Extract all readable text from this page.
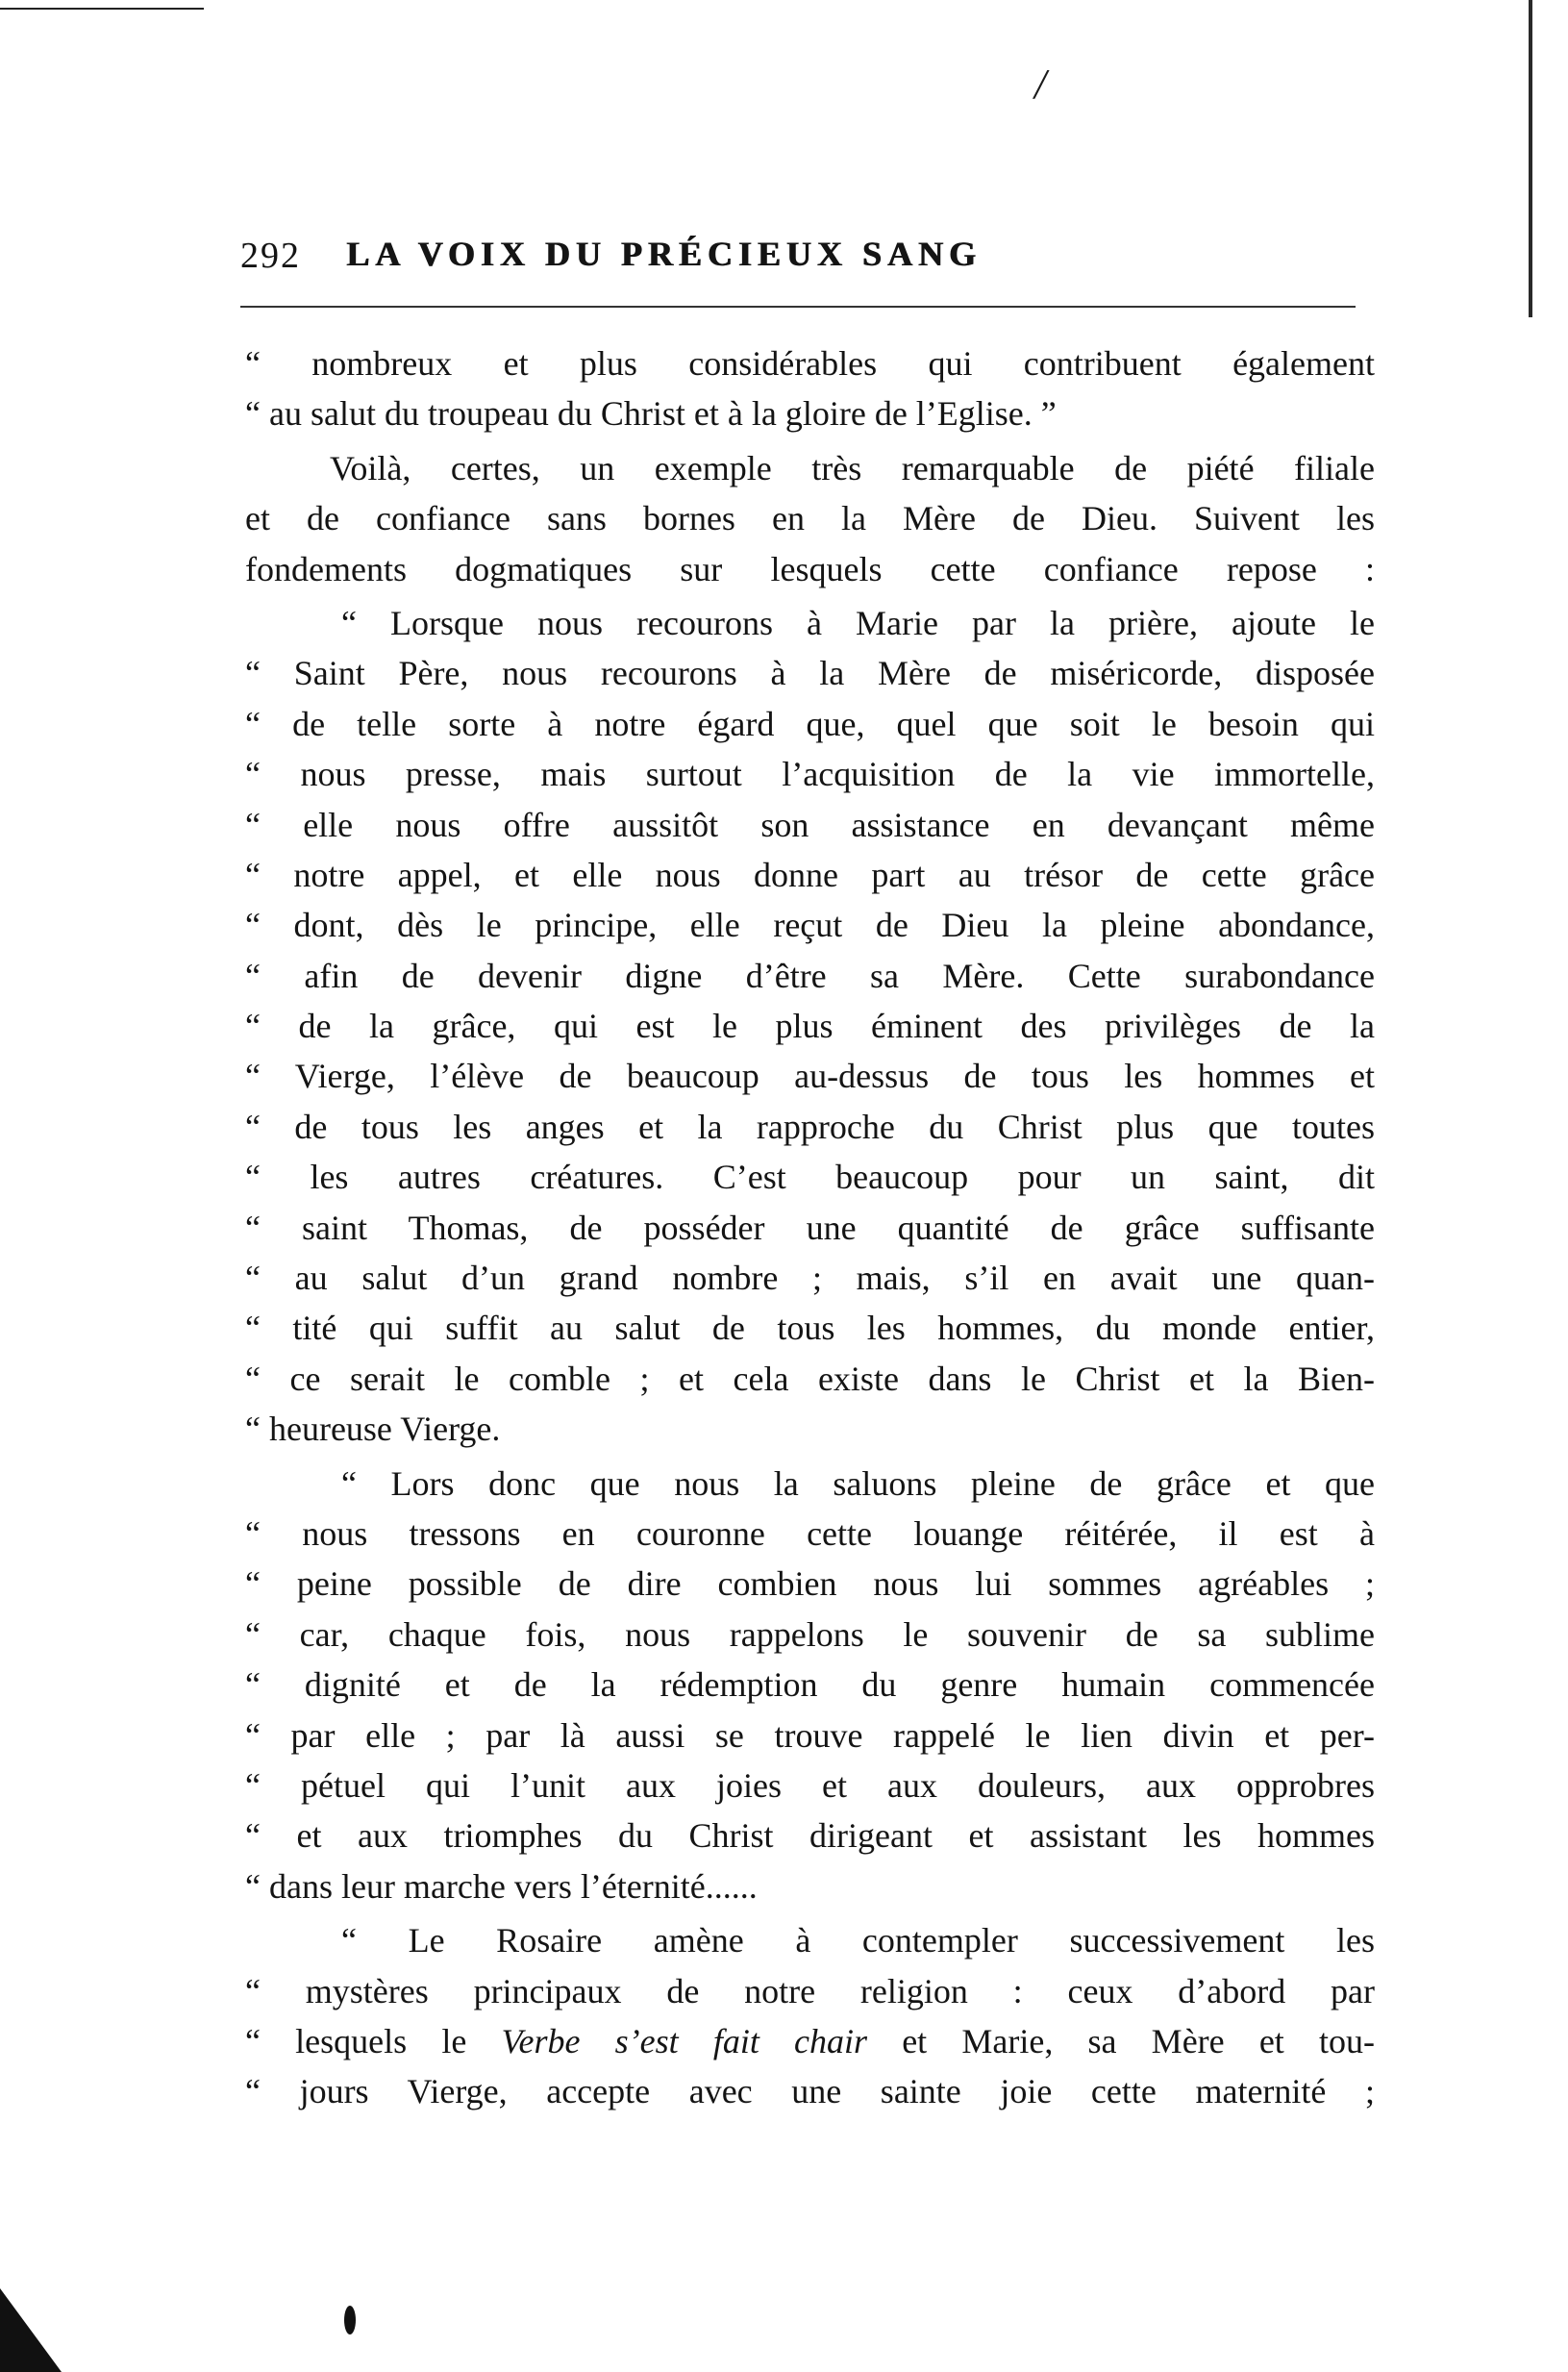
/
292 LA VOIX DU PRÉCIEUX SANG
“ nombreux et plus considérables qui contribuent également
“ au salut du troupeau du Christ et à la gloire de l’Eglise. ”
Voilà, certes, un exemple très remarquable de piété filiale
et de confiance sans bornes en la Mère de Dieu. Suivent les
fondements dogmatiques sur lesquels cette confiance repose :
“ Lorsque nous recourons à Marie par la prière, ajoute le
“ Saint Père, nous recourons à la Mère de miséricorde, disposée
“ de telle sorte à notre égard que, quel que soit le besoin qui
“ nous presse, mais surtout l’acquisition de la vie immortelle,
“ elle nous offre aussitôt son assistance en devançant même
“ notre appel, et elle nous donne part au trésor de cette grâce
“ dont, dès le principe, elle reçut de Dieu la pleine abondance,
“ afin de devenir digne d’être sa Mère. Cette surabondance
“ de la grâce, qui est le plus éminent des privilèges de la
“ Vierge, l’élève de beaucoup au-dessus de tous les hommes et
“ de tous les anges et la rapproche du Christ plus que toutes
“ les autres créatures. C’est beaucoup pour un saint, dit
“ saint Thomas, de posséder une quantité de grâce suffisante
“ au salut d’un grand nombre ; mais, s’il en avait une quan-
“ tité qui suffit au salut de tous les hommes, du monde entier,
“ ce serait le comble ; et cela existe dans le Christ et la Bien-
“ heureuse Vierge.
“ Lors donc que nous la saluons pleine de grâce et que
“ nous tressons en couronne cette louange réitérée, il est à
“ peine possible de dire combien nous lui sommes agréables ;
“ car, chaque fois, nous rappelons le souvenir de sa sublime
“ dignité et de la rédemption du genre humain commencée
“ par elle ; par là aussi se trouve rappelé le lien divin et per-
“ pétuel qui l’unit aux joies et aux douleurs, aux opprobres
“ et aux triomphes du Christ dirigeant et assistant les hommes
“ dans leur marche vers l’éternité......
“ Le Rosaire amène à contempler successivement les
“ mystères principaux de notre religion : ceux d’abord par
“ lesquels le Verbe s’est fait chair et Marie, sa Mère et tou-
“ jours Vierge, accepte avec une sainte joie cette maternité ;
